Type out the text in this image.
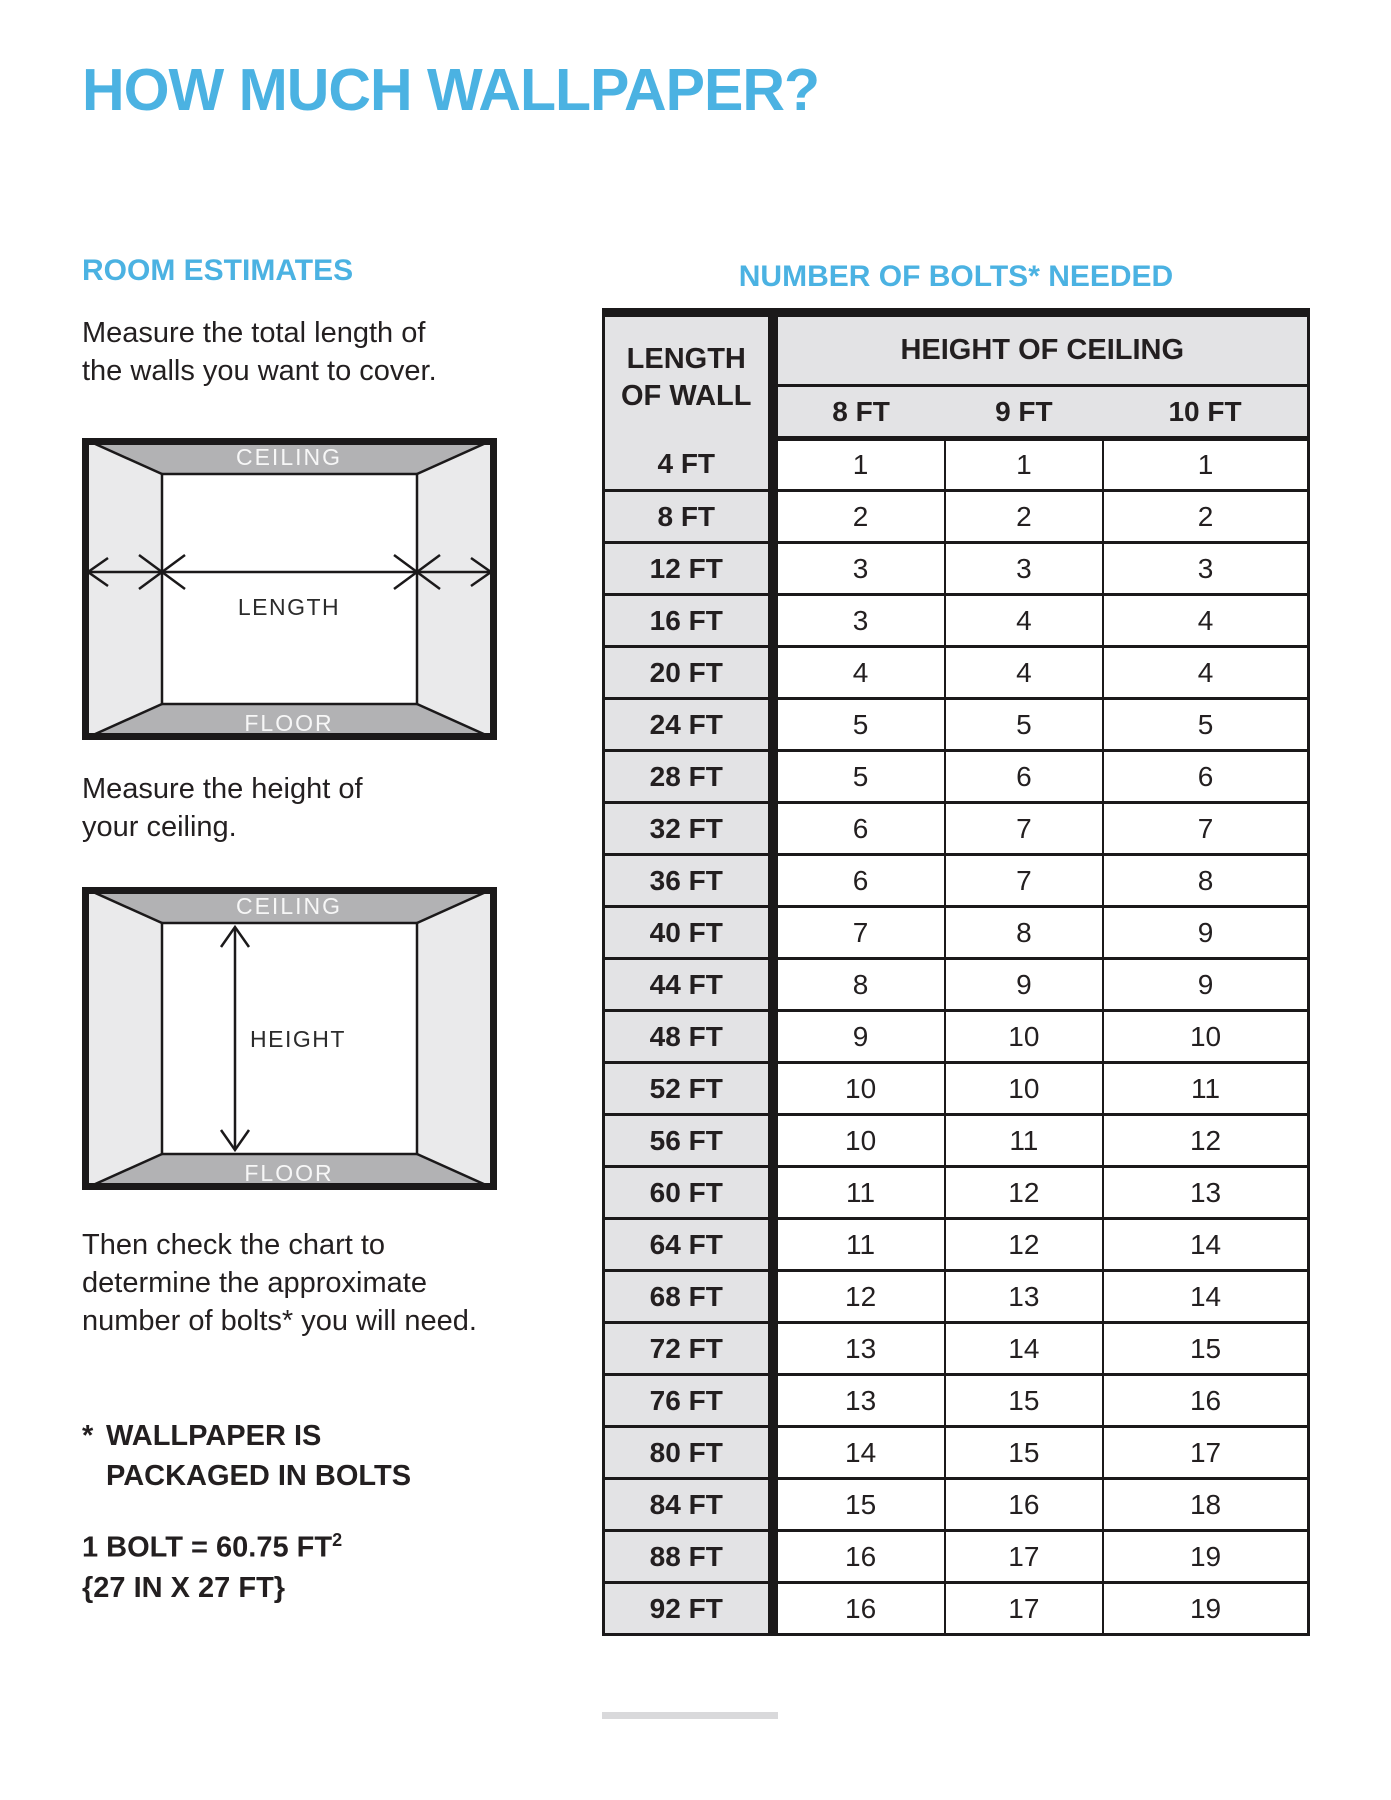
HOW MUCH WALLPAPER?
ROOM ESTIMATES
Measure the total length of
the walls you want to cover.
CEILING
FLOOR
LENGTH
Measure the height of
your ceiling.
HEIGHT
CEILING
FLOOR
Then check the chart to
determine the approximate
number of bolts* you will need.
* WALLPAPER IS
PACKAGED IN BOLTS
1 BOLT = 60.75 $FT^2$
{27 IN X 27 FT}
NUMBER OF BOLTS* NEEDED
LENGTH
OF WALL	HEIGHT OF CEILING		
	8 FT	9 FT	10 FT
4 FT	1	1	1
8 FT	2	2	2
12 FT	3	3	3
16 FT	3	4	4
20 FT	4	4	4
24 FT	5	5	5
28 FT	5	6	6
32 FT	6	7	7
36 FT	6	7	8
40 FT	7	8	9
44 FT	8	9	9
48 FT	9	10	10
52 FT	10	10	11
56 FT	10	11	12
60 FT	11	12	13
64 FT	11	12	14
68 FT	12	13	14
72 FT	13	14	15
76 FT	13	15	16
80 FT	14	15	17
84 FT	15	16	18
88 FT	16	17	19
92 FT	16	17	19
